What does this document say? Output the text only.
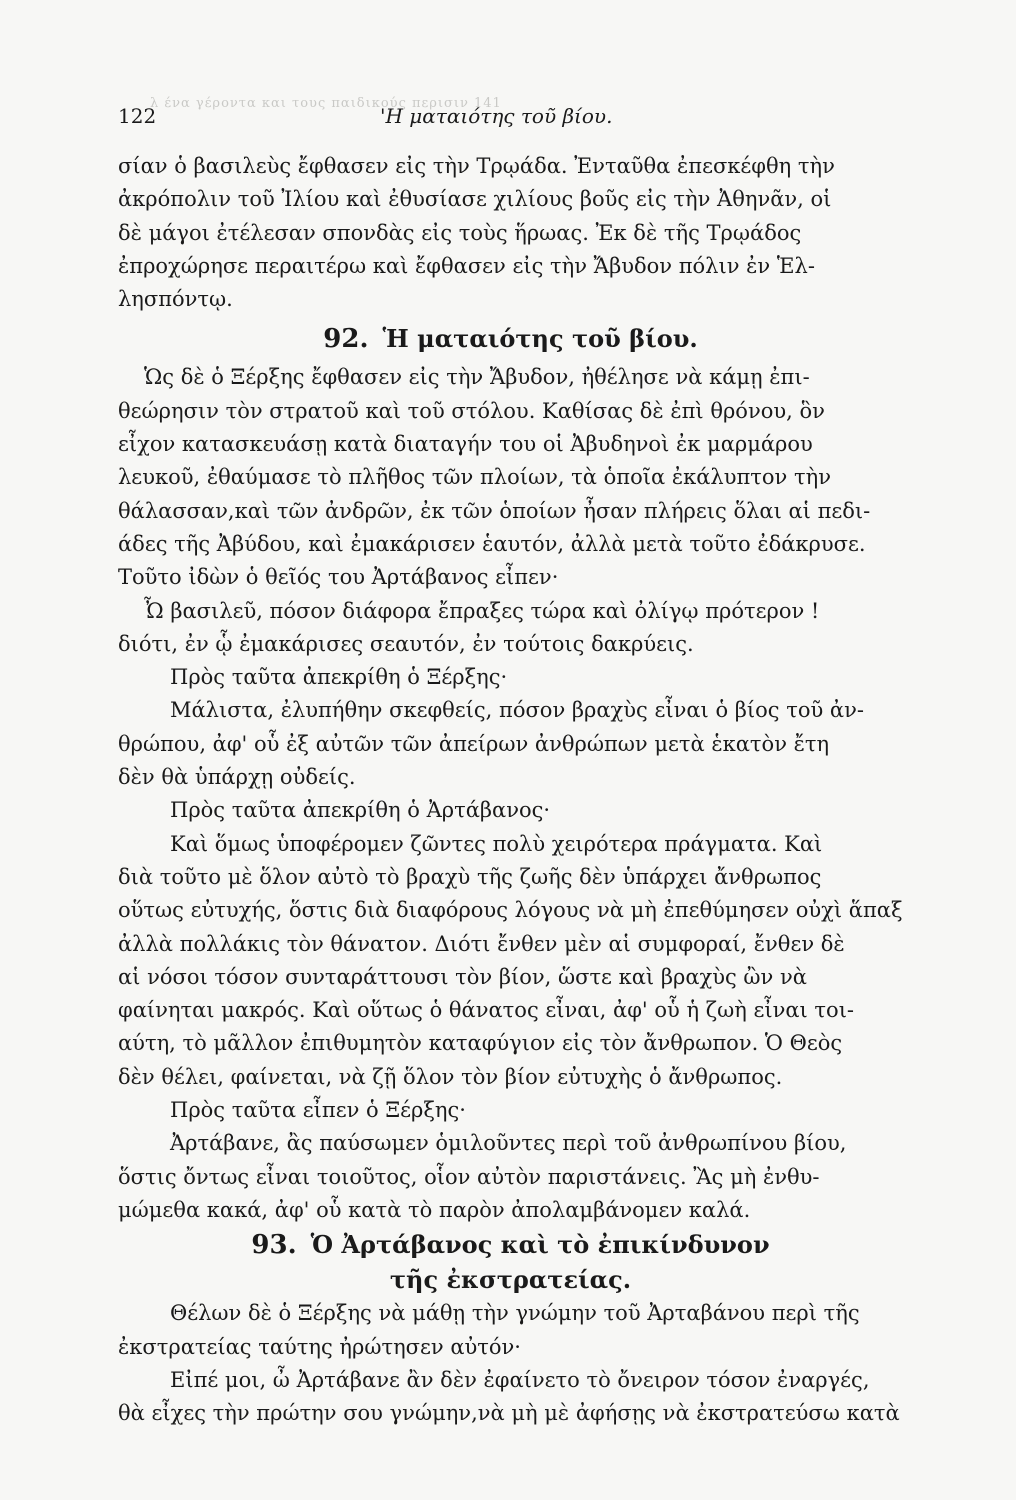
λ ένα γέροντα και τους παιδικούς περισιν 141
122	'Η ματαιότης τοῦ βίου.
σίαν ὁ βασιλεὺς ἔφθασεν εἰς τὴν Τρῳάδα. Ἐνταῦθα ἐπεσκέφθη τὴν
ἀκρόπολιν τοῦ Ἰλίου καὶ ἐθυσίασε χιλίους βοῦς εἰς τὴν Ἀθηνᾶν, οἱ
δὲ μάγοι ἐτέλεσαν σπονδὰς εἰς τοὺς ἥρωας. Ἐκ δὲ τῆς Τρῳάδος
ἐπροχώρησε περαιτέρω καὶ ἔφθασεν εἰς τὴν Ἄβυδον πόλιν ἐν Ἑλ-
λησπόντῳ.
92. Ἡ ματαιότης τοῦ βίου.
Ὡς δὲ ὁ Ξέρξης ἔφθασεν εἰς τὴν Ἄβυδον, ἠθέλησε νὰ κάμῃ ἐπι-
θεώρησιν τὸν στρατοῦ καὶ τοῦ στόλου. Καθίσας δὲ ἐπὶ θρόνου, ὃν
εἶχον κατασκευάσῃ κατὰ διαταγήν του οἱ Ἀβυδηνοὶ ἐκ μαρμάρου
λευκοῦ, ἐθαύμασε τὸ πλῆθος τῶν πλοίων, τὰ ὁποῖα ἐκάλυπτον τὴν
θάλασσαν,καὶ τῶν ἀνδρῶν, ἐκ τῶν ὁποίων ἦσαν πλήρεις ὅλαι αἱ πεδι-
άδες τῆς Ἀβύδου, καὶ ἐμακάρισεν ἑαυτόν, ἀλλὰ μετὰ τοῦτο ἐδάκρυσε.
Τοῦτο ἰδὼν ὁ θεῖός του Ἀρτάβανος εἶπεν·
Ὦ βασιλεῦ, πόσον διάφορα ἔπραξες τώρα καὶ ὀλίγῳ πρότερον !
διότι, ἐν ᾧ ἐμακάρισες σεαυτόν, ἐν τούτοις δακρύεις.
Πρὸς ταῦτα ἀπεκρίθη ὁ Ξέρξης·
Μάλιστα, ἐλυπήθην σκεφθείς, πόσον βραχὺς εἶναι ὁ βίος τοῦ ἀν-
θρώπου, ἀφ' οὗ ἐξ αὐτῶν τῶν ἀπείρων ἀνθρώπων μετὰ ἑκατὸν ἔτη
δὲν θὰ ὑπάρχῃ οὐδείς.
Πρὸς ταῦτα ἀπεκρίθη ὁ Ἀρτάβανος·
Καὶ ὅμως ὑποφέρομεν ζῶντες πολὺ χειρότερα πράγματα. Καὶ
διὰ τοῦτο μὲ ὅλον αὐτὸ τὸ βραχὺ τῆς ζωῆς δὲν ὑπάρχει ἄνθρωπος
οὕτως εὐτυχής, ὅστις διὰ διαφόρους λόγους νὰ μὴ ἐπεθύμησεν οὐχὶ ἅπαξ
ἀλλὰ πολλάκις τὸν θάνατον. Διότι ἔνθεν μὲν αἱ συμφοραί, ἔνθεν δὲ
αἱ νόσοι τόσον συνταράττουσι τὸν βίον, ὥστε καὶ βραχὺς ὢν νὰ
φαίνηται μακρός. Καὶ οὕτως ὁ θάνατος εἶναι, ἀφ' οὗ ἡ ζωὴ εἶναι τοι-
αύτη, τὸ μᾶλλον ἐπιθυμητὸν καταφύγιον εἰς τὸν ἄνθρωπον. Ὁ Θεὸς
δὲν θέλει, φαίνεται, νὰ ζῇ ὅλον τὸν βίον εὐτυχὴς ὁ ἄνθρωπος.
Πρὸς ταῦτα εἶπεν ὁ Ξέρξης·
Ἀρτάβανε, ἂς παύσωμεν ὁμιλοῦντες περὶ τοῦ ἀνθρωπίνου βίου,
ὅστις ὄντως εἶναι τοιοῦτος, οἷον αὐτὸν παριστάνεις. Ἂς μὴ ἐνθυ-
μώμεθα κακά, ἀφ' οὗ κατὰ τὸ παρὸν ἀπολαμβάνομεν καλά.
93. Ὁ Ἀρτάβανος καὶ τὸ ἐπικίνδυνον
τῆς ἐκστρατείας.
Θέλων δὲ ὁ Ξέρξης νὰ μάθῃ τὴν γνώμην τοῦ Ἀρταβάνου περὶ τῆς
ἐκστρατείας ταύτης ἠρώτησεν αὐτόν·
Εἰπέ μοι, ὦ Ἀρτάβανε ἂν δὲν ἐφαίνετο τὸ ὄνειρον τόσον ἐναργές,
θὰ εἶχες τὴν πρώτην σου γνώμην,νὰ μὴ μὲ ἀφήσῃς νὰ ἐκστρατεύσω κατὰ
